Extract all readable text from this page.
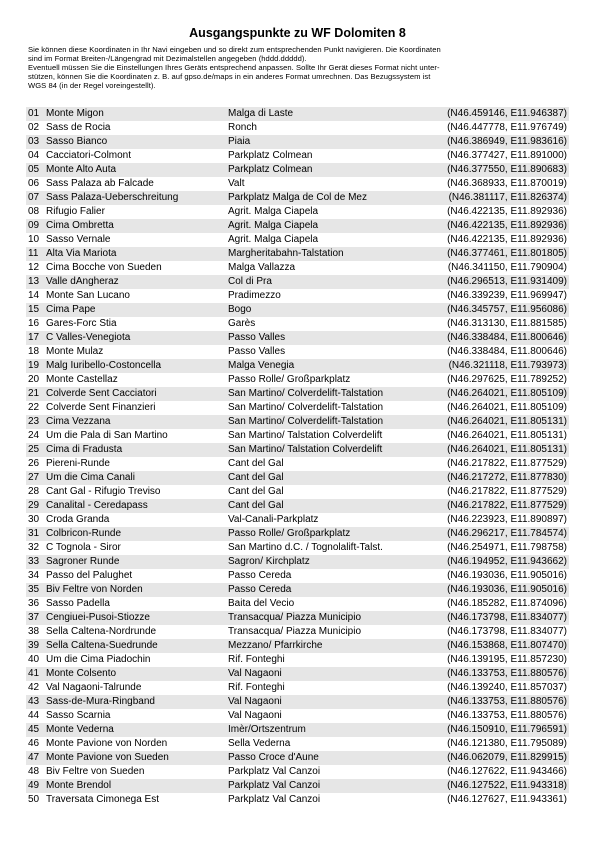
Ausgangspunkte zu WF Dolomiten 8

Sie können diese Koordinaten in Ihr Navi eingeben und so direkt zum entsprechenden Punkt navigieren. Die Koordinaten

sind im Format Breiten-/Längengrad mit Dezimalstellen angegeben (hddd.ddddd).

Eventuell müssen Sie die Einstellungen Ihres Geräts entsprechend anpassen. Sollte Ihr Gerät dieses Format nicht unter-

stützen, können Sie die Koordinaten z. B. auf gpso.de/maps in ein anderes Format umrechnen. Das Bezugssystem ist

WGS 84 (in der Regel voreingestellt).

01	Monte Migon	Malga di Laste	(N46.459146, E11.946387)
02	Sass de Rocia	Ronch	(N46.447778, E11.976749)
03	Sasso Bianco	Piaia	(N46.386949, E11.983616)
04	Cacciatori-Colmont	Parkplatz Colmean	(N46.377427, E11.891000)
05	Monte Alto Auta	Parkplatz Colmean	(N46.377550, E11.890683)
06	Sass Palaza ab Falcade	Valt	(N46.368933, E11.870019)
07	Sass Palaza-Ueberschreitung	Parkplatz Malga de Col de Mez	(N46.381117, E11.826374)
08	Rifugio Falier	Agrit. Malga Ciapela	(N46.422135, E11.892936)
09	Cima Ombretta	Agrit. Malga Ciapela	(N46.422135, E11.892936)
10	Sasso Vernale	Agrit. Malga Ciapela	(N46.422135, E11.892936)
11	Alta Via Mariota	Margheritabahn-Talstation	(N46.377461, E11.801805)
12	Cima Bocche von Sueden	Malga Vallazza	(N46.341150, E11.790904)
13	Valle dAngheraz	Col di Pra	(N46.296513, E11.931409)
14	Monte San Lucano	Pradimezzo	(N46.339239, E11.969947)
15	Cima Pape	Bogo	(N46.345757, E11.956086)
16	Gares-Forc Stia	Garès	(N46.313130, E11.881585)
17	C Valles-Venegiota	Passo Valles	(N46.338484, E11.800646)
18	Monte Mulaz	Passo Valles	(N46.338484, E11.800646)
19	Malg Iuribello-Costoncella	Malga Venegia	(N46.321118, E11.793973)
20	Monte Castellaz	Passo Rolle/ Großparkplatz	(N46.297625, E11.789252)
21	Colverde Sent Cacciatori	San Martino/ Colverdelift-Talstation	(N46.264021, E11.805109)
22	Colverde Sent Finanzieri	San Martino/ Colverdelift-Talstation	(N46.264021, E11.805109)
23	Cima Vezzana	San Martino/ Colverdelift-Talstation	(N46.264021, E11.805131)
24	Um die Pala di San Martino	San Martino/ Talstation Colverdelift	(N46.264021, E11.805131)
25	Cima di Fradusta	San Martino/ Talstation Colverdelift	(N46.264021, E11.805131)
26	Piereni-Runde	Cant del Gal	(N46.217822, E11.877529)
27	Um die Cima Canali	Cant del Gal	(N46.217272, E11.877830)
28	Cant Gal - Rifugio Treviso	Cant del Gal	(N46.217822, E11.877529)
29	Canalital - Ceredapass	Cant del Gal	(N46.217822, E11.877529)
30	Croda Granda	Val-Canali-Parkplatz	(N46.223923, E11.890897)
31	Colbricon-Runde	Passo Rolle/ Großparkplatz	(N46.296217, E11.784574)
32	C Tognola - Siror	San Martino d.C. / Tognolalift-Talst.	(N46.254971, E11.798758)
33	Sagroner Runde	Sagron/ Kirchplatz	(N46.194952, E11.943662)
34	Passo del Palughet	Passo Cereda	(N46.193036, E11.905016)
35	Biv Feltre von Norden	Passo Cereda	(N46.193036, E11.905016)
36	Sasso Padella	Baita del Vecio	(N46.185282, E11.874096)
37	Cengiuei-Pusoi-Stiozze	Transacqua/ Piazza Municipio	(N46.173798, E11.834077)
38	Sella Caltena-Nordrunde	Transacqua/ Piazza Municipio	(N46.173798, E11.834077)
39	Sella Caltena-Suedrunde	Mezzano/ Pfarrkirche	(N46.153868, E11.807470)
40	Um die Cima Piadochin	Rif. Fonteghi	(N46.139195, E11.857230)
41	Monte Colsento	Val Nagaoni	(N46.133753, E11.880576)
42	Val Nagaoni-Talrunde	Rif. Fonteghi	(N46.139240, E11.857037)
43	Sass-de-Mura-Ringband	Val Nagaoni	(N46.133753, E11.880576)
44	Sasso Scarnia	Val Nagaoni	(N46.133753, E11.880576)
45	Monte Vederna	Imèr/Ortszentrum	(N46.150910, E11.796591)
46	Monte Pavione von Norden	Sella Vederna	(N46.121380, E11.795089)
47	Monte Pavione von Sueden	Passo Croce d'Aune	(N46.062079, E11.829915)
48	Biv Feltre von Sueden	Parkplatz Val Canzoi	(N46.127622, E11.943466)
49	Monte Brendol	Parkplatz Val Canzoi	(N46.127522, E11.943318)
50	Traversata Cimonega Est	Parkplatz Val Canzoi	(N46.127627, E11.943361)
